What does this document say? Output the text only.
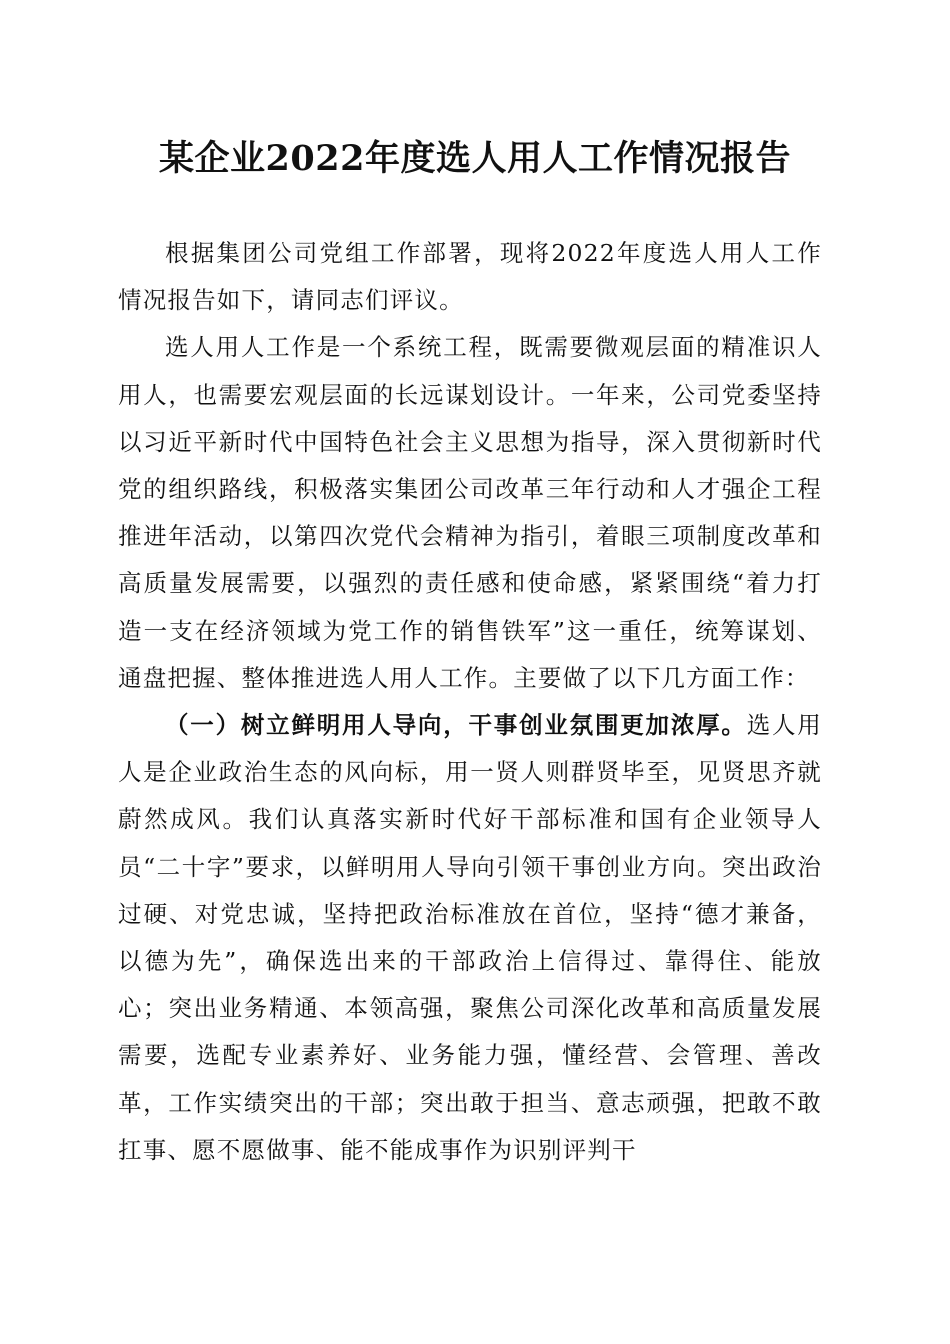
某企业2022年度选人用人工作情况报告

根据集团公司党组工作部署，现将2022年度选人用人工作情况报告如下，请同志们评议。

选人用人工作是一个系统工程，既需要微观层面的精准识人用人，也需要宏观层面的长远谋划设计。一年来，公司党委坚持以习近平新时代中国特色社会主义思想为指导，深入贯彻新时代党的组织路线，积极落实集团公司改革三年行动和人才强企工程推进年活动，以第四次党代会精神为指引，着眼三项制度改革和高质量发展需要，以强烈的责任感和使命感，紧紧围绕“着力打造一支在经济领域为党工作的销售铁军”这一重任，统筹谋划、通盘把握、整体推进选人用人工作。主要做了以下几方面工作：

（一）树立鲜明用人导向，干事创业氛围更加浓厚。选人用人是企业政治生态的风向标，用一贤人则群贤毕至，见贤思齐就蔚然成风。我们认真落实新时代好干部标准和国有企业领导人员“二十字”要求，以鲜明用人导向引领干事创业方向。突出政治过硬、对党忠诚，坚持把政治标准放在首位，坚持“德才兼备，以德为先”，确保选出来的干部政治上信得过、靠得住、能放心；突出业务精通、本领高强，聚焦公司深化改革和高质量发展需要，选配专业素养好、业务能力强，懂经营、会管理、善改革，工作实绩突出的干部；突出敢于担当、意志顽强，把敢不敢扛事、愿不愿做事、能不能成事作为识别评判干
